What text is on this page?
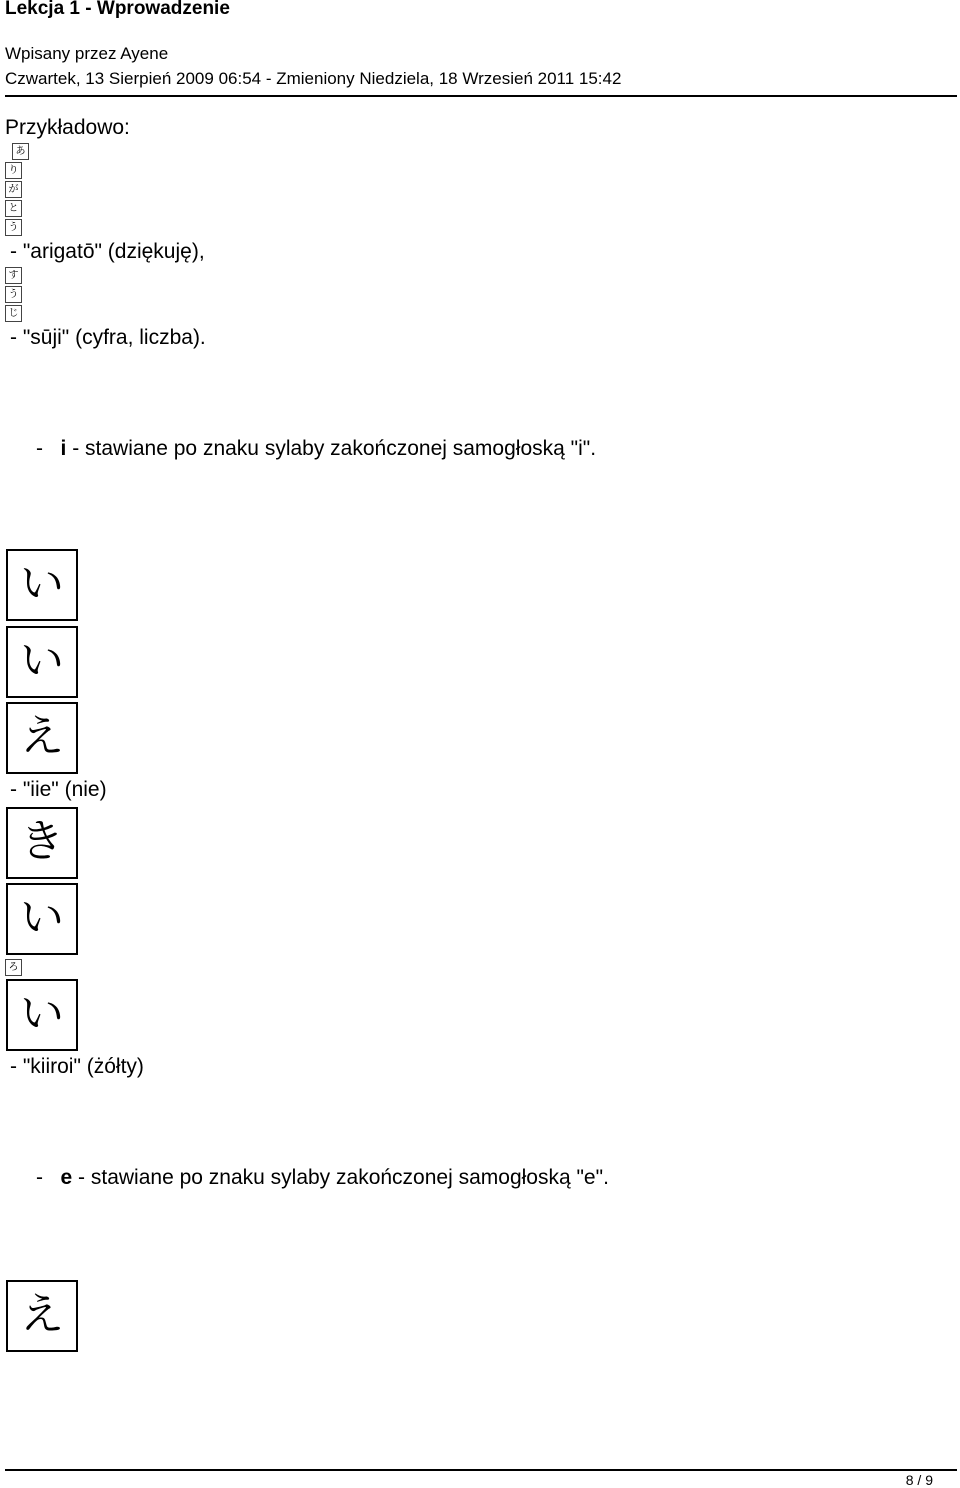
Lekcja 1 - Wprowadzenie
Wpisany przez Ayene
Czwartek, 13 Sierpień 2009 06:54 - Zmieniony Niedziela, 18 Wrzesień 2011 15:42
Przykładowo:
あ
り
が
と
う
- "arigatō" (dziękuję),
す
う
じ
- "sūji" (cyfra, liczba).
- i - stawiane po znaku sylaby zakończonej samogłoską "i".
い
い
え
- "iie" (nie)
き
い
ろ
い
- "kiiroi" (żółty)
- e - stawiane po znaku sylaby zakończonej samogłoską "e".
え
8 / 9
